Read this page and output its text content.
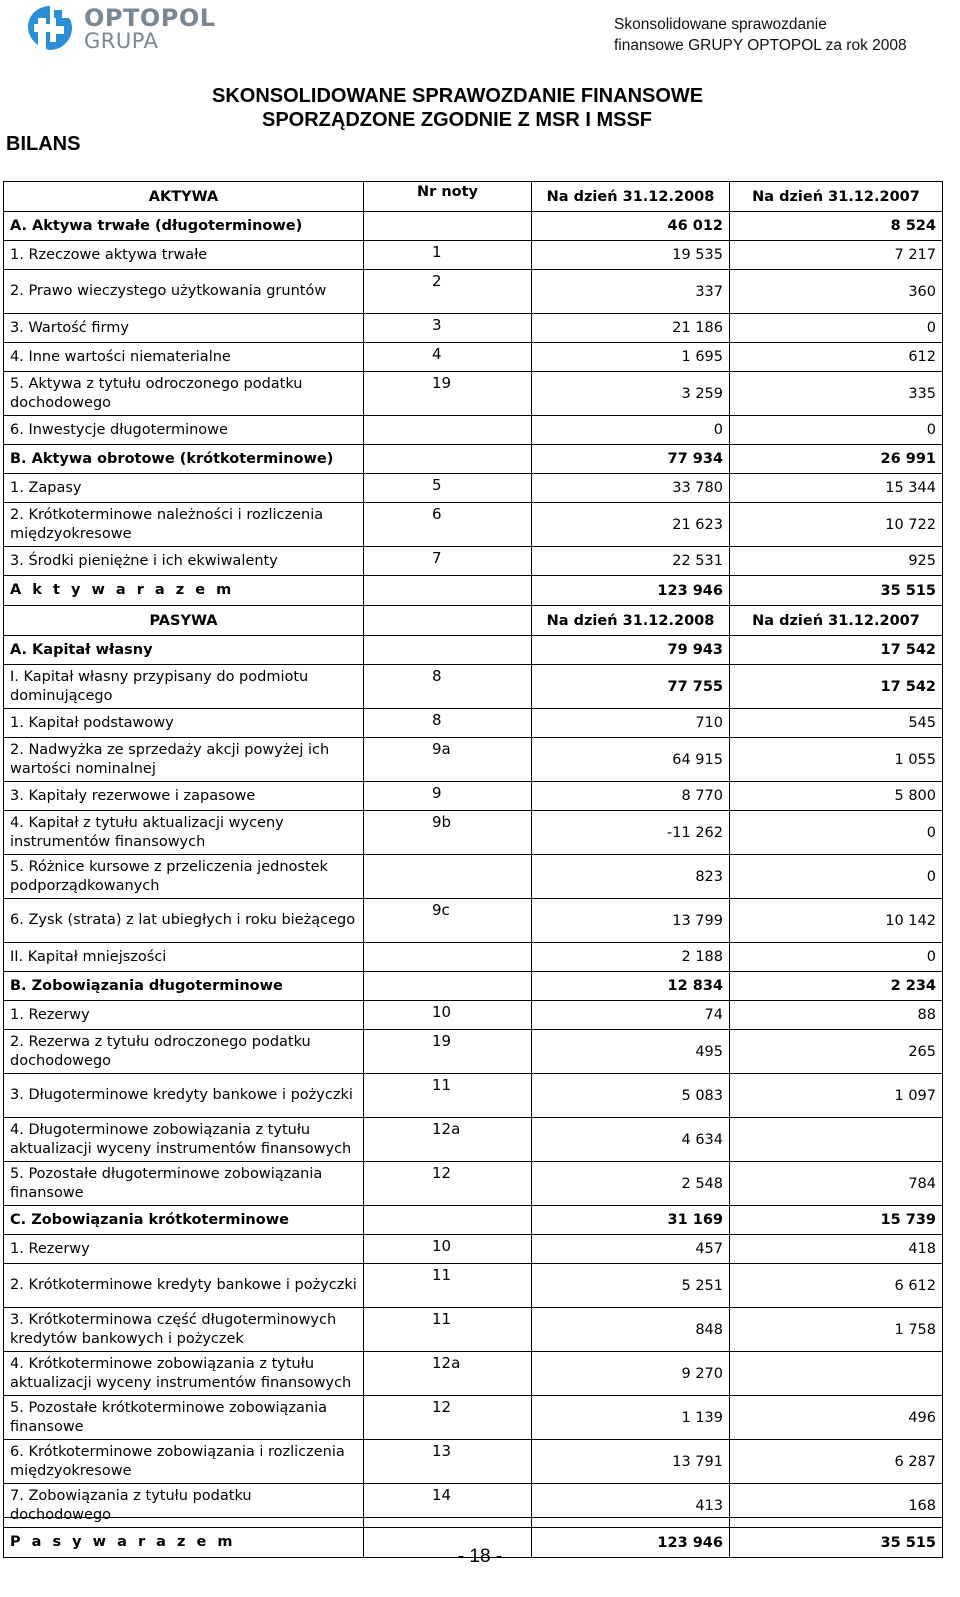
OPTOPOL
GRUPA
Skonsolidowane sprawozdanie
finansowe GRUPY OPTOPOL za rok 2008
SKONSOLIDOWANE SPRAWOZDANIE FINANSOWE
SPORZĄDZONE ZGODNIE Z MSR I MSSF
BILANS
AKTYWA	Nr noty	Na dzień 31.12.2008	Na dzień 31.12.2007
A. Aktywa trwałe (długoterminowe)		46 012	8 524
1. Rzeczowe aktywa trwałe	1	19 535	7 217
2. Prawo wieczystego użytkowania gruntów	2	337	360
3. Wartość firmy	3	21 186	0
4. Inne wartości niematerialne	4	1 695	612
5. Aktywa z tytułu odroczonego podatku dochodowego	19	3 259	335
6. Inwestycje długoterminowe		0	0
B. Aktywa obrotowe (krótkoterminowe)		77 934	26 991
1. Zapasy	5	33 780	15 344
2. Krótkoterminowe należności i rozliczenia międzyokresowe	6	21 623	10 722
3. Środki pieniężne i ich ekwiwalenty	7	22 531	925
A k t y w a r a z e m		123 946	35 515
PASYWA		Na dzień 31.12.2008	Na dzień 31.12.2007
A. Kapitał własny		79 943	17 542
I. Kapitał własny przypisany do podmiotu dominującego	8	77 755	17 542
1. Kapitał podstawowy	8	710	545
2. Nadwyżka ze sprzedaży akcji powyżej ich wartości nominalnej	9a	64 915	1 055
3. Kapitały rezerwowe i zapasowe	9	8 770	5 800
4. Kapitał z tytułu aktualizacji wyceny instrumentów finansowych	9b	-11 262	0
5. Różnice kursowe z przeliczenia jednostek podporządkowanych		823	0
6. Zysk (strata) z lat ubiegłych i roku bieżącego	9c	13 799	10 142
II. Kapitał mniejszości		2 188	0
B. Zobowiązania długoterminowe		12 834	2 234
1. Rezerwy	10	74	88
2. Rezerwa z tytułu odroczonego podatku dochodowego	19	495	265
3. Długoterminowe kredyty bankowe i pożyczki	11	5 083	1 097
4. Długoterminowe zobowiązania z tytułu aktualizacji wyceny instrumentów finansowych	12a	4 634	
5. Pozostałe długoterminowe zobowiązania finansowe	12	2 548	784
C. Zobowiązania krótkoterminowe		31 169	15 739
1. Rezerwy	10	457	418
2. Krótkoterminowe kredyty bankowe i pożyczki	11	5 251	6 612
3. Krótkoterminowa część długoterminowych kredytów bankowych i pożyczek	11	848	1 758
4. Krótkoterminowe zobowiązania z tytułu aktualizacji wyceny instrumentów finansowych	12a	9 270	
5. Pozostałe krótkoterminowe zobowiązania finansowe	12	1 139	496
6. Krótkoterminowe zobowiązania i rozliczenia międzyokresowe	13	13 791	6 287
7. Zobowiązania z tytułu podatku dochodowego	14	413	168
P a s y w a r a z e m		123 946	35 515
- 18 -
